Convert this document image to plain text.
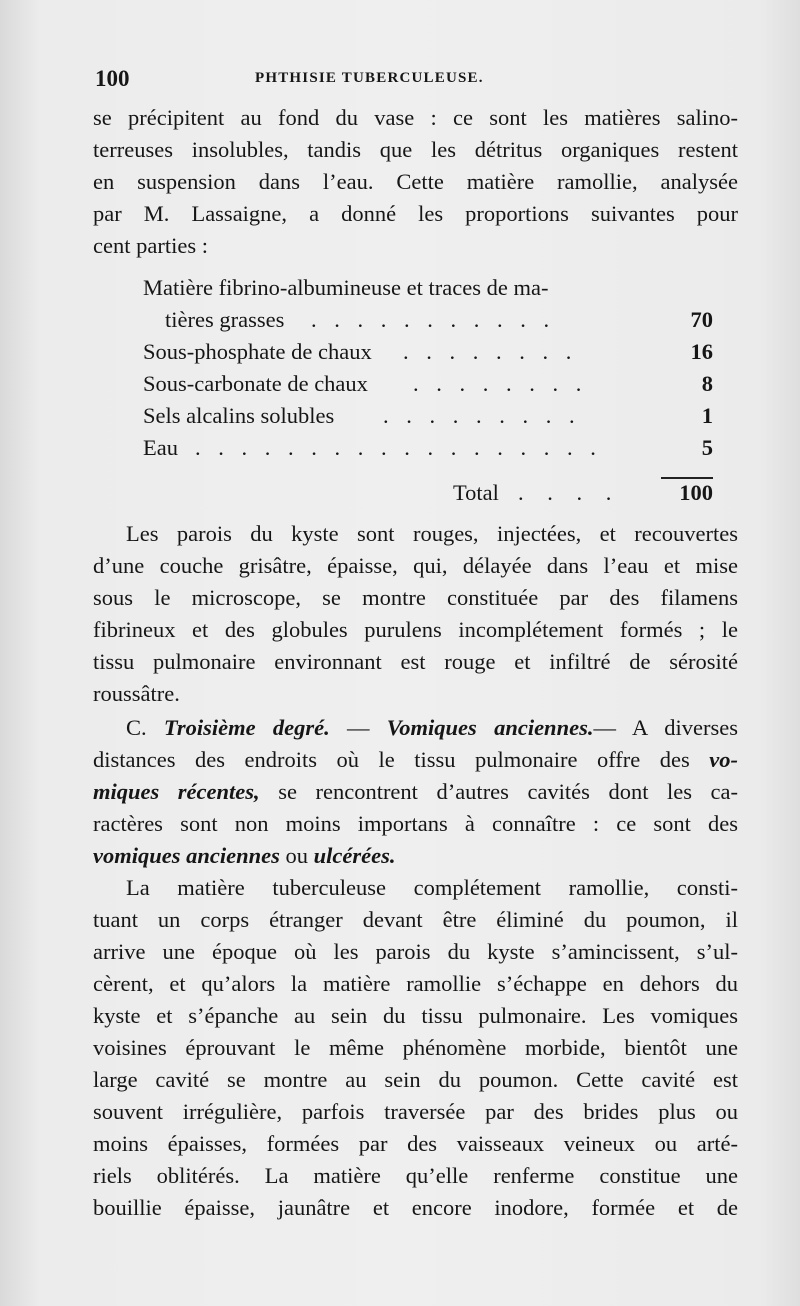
100	PHTHISIE TUBERCULEUSE.
se précipitent au fond du vase : ce sont les matières salino-
terreuses insolubles, tandis que les détritus organiques restent
en suspension dans l’eau. Cette matière ramollie, analysée
par M. Lassaigne, a donné les proportions suivantes pour
cent parties :
Matière fibrino-albumineuse et traces de ma-
tières grasses . . . . . . . . . . .	70
Sous-phosphate de chaux . . . . . . . .	16
Sous-carbonate de chaux . . . . . . . .	8
Sels alcalins solubles . . . . . . . . .	1
Eau . . . . . . . . . . . . . . . . . .	5
Total . . . .	100
Les parois du kyste sont rouges, injectées, et recouvertes
d’une couche grisâtre, épaisse, qui, délayée dans l’eau et mise
sous le microscope, se montre constituée par des filamens
fibrineux et des globules purulens incomplétement formés ; le
tissu pulmonaire environnant est rouge et infiltré de sérosité
roussâtre.
C. Troisième degré. — Vomiques anciennes.— A diverses
distances des endroits où le tissu pulmonaire offre des vo-
miques récentes, se rencontrent d’autres cavités dont les ca-
ractères sont non moins importans à connaître : ce sont des
vomiques anciennes ou ulcérées.
La matière tuberculeuse complétement ramollie, consti-
tuant un corps étranger devant être éliminé du poumon, il
arrive une époque où les parois du kyste s’amincissent, s’ul-
cèrent, et qu’alors la matière ramollie s’échappe en dehors du
kyste et s’épanche au sein du tissu pulmonaire. Les vomiques
voisines éprouvant le même phénomène morbide, bientôt une
large cavité se montre au sein du poumon. Cette cavité est
souvent irrégulière, parfois traversée par des brides plus ou
moins épaisses, formées par des vaisseaux veineux ou arté-
riels oblitérés. La matière qu’elle renferme constitue une
bouillie épaisse, jaunâtre et encore inodore, formée et de
